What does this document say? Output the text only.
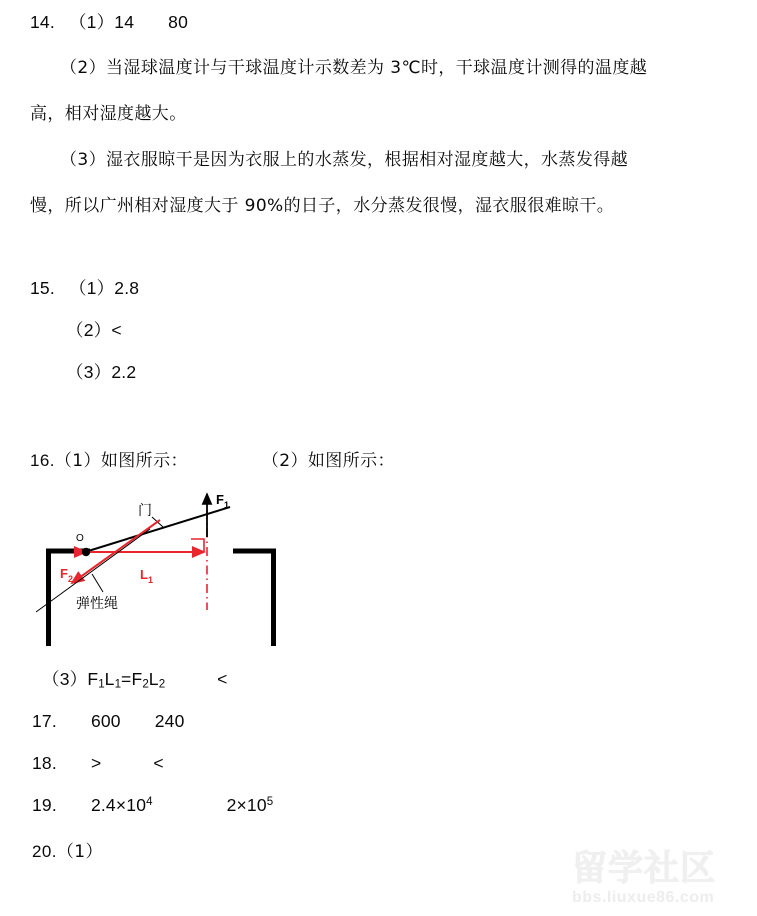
14. （1）14 80
（2）当湿球温度计与干球温度计示数差为 3℃时，干球温度计测得的温度越
高，相对湿度越大。
（3）湿衣服晾干是因为衣服上的水蒸发，根据相对湿度越大，水蒸发得越
慢，所以广州相对湿度大于 90%的日子，水分蒸发很慢，湿衣服很难晾干。
15. （1）2.8
（2）<
（3）2.2
16.（1）如图所示：	（2）如图所示：
O
$F_1$
$F_2$	$L_1$
门
弹性绳
$(3)F_1L_1=F_2L_2$	<
17. 600 240
18. >	<
19. $2.4\times 10^4$	$2\times 10^5$
20.（1）	留学社区
bbs.liuxue86.com
